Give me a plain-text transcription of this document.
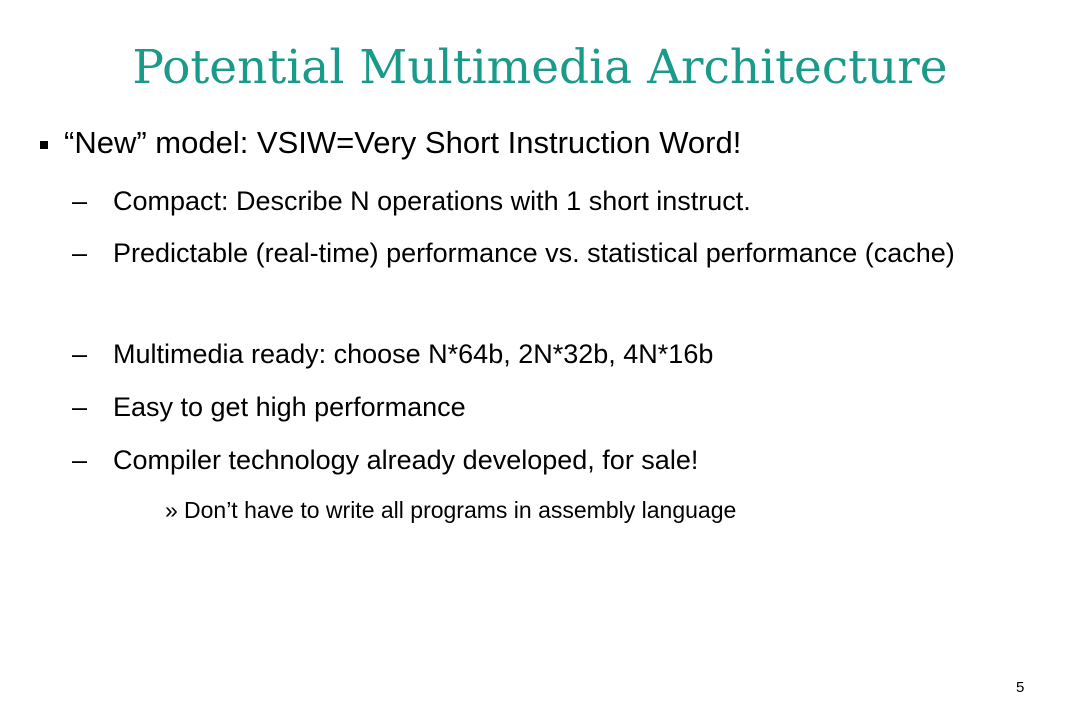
Potential Multimedia Architecture
“New” model: VSIW=Very Short Instruction Word!
– Compact: Describe N operations with 1 short instruct.
– Predictable (real-time) performance vs. statistical performance (cache)
– Multimedia ready: choose N*64b, 2N*32b, 4N*16b
– Easy to get high performance
– Compiler technology already developed, for sale!
» Don’t have to write all programs in assembly language
5
